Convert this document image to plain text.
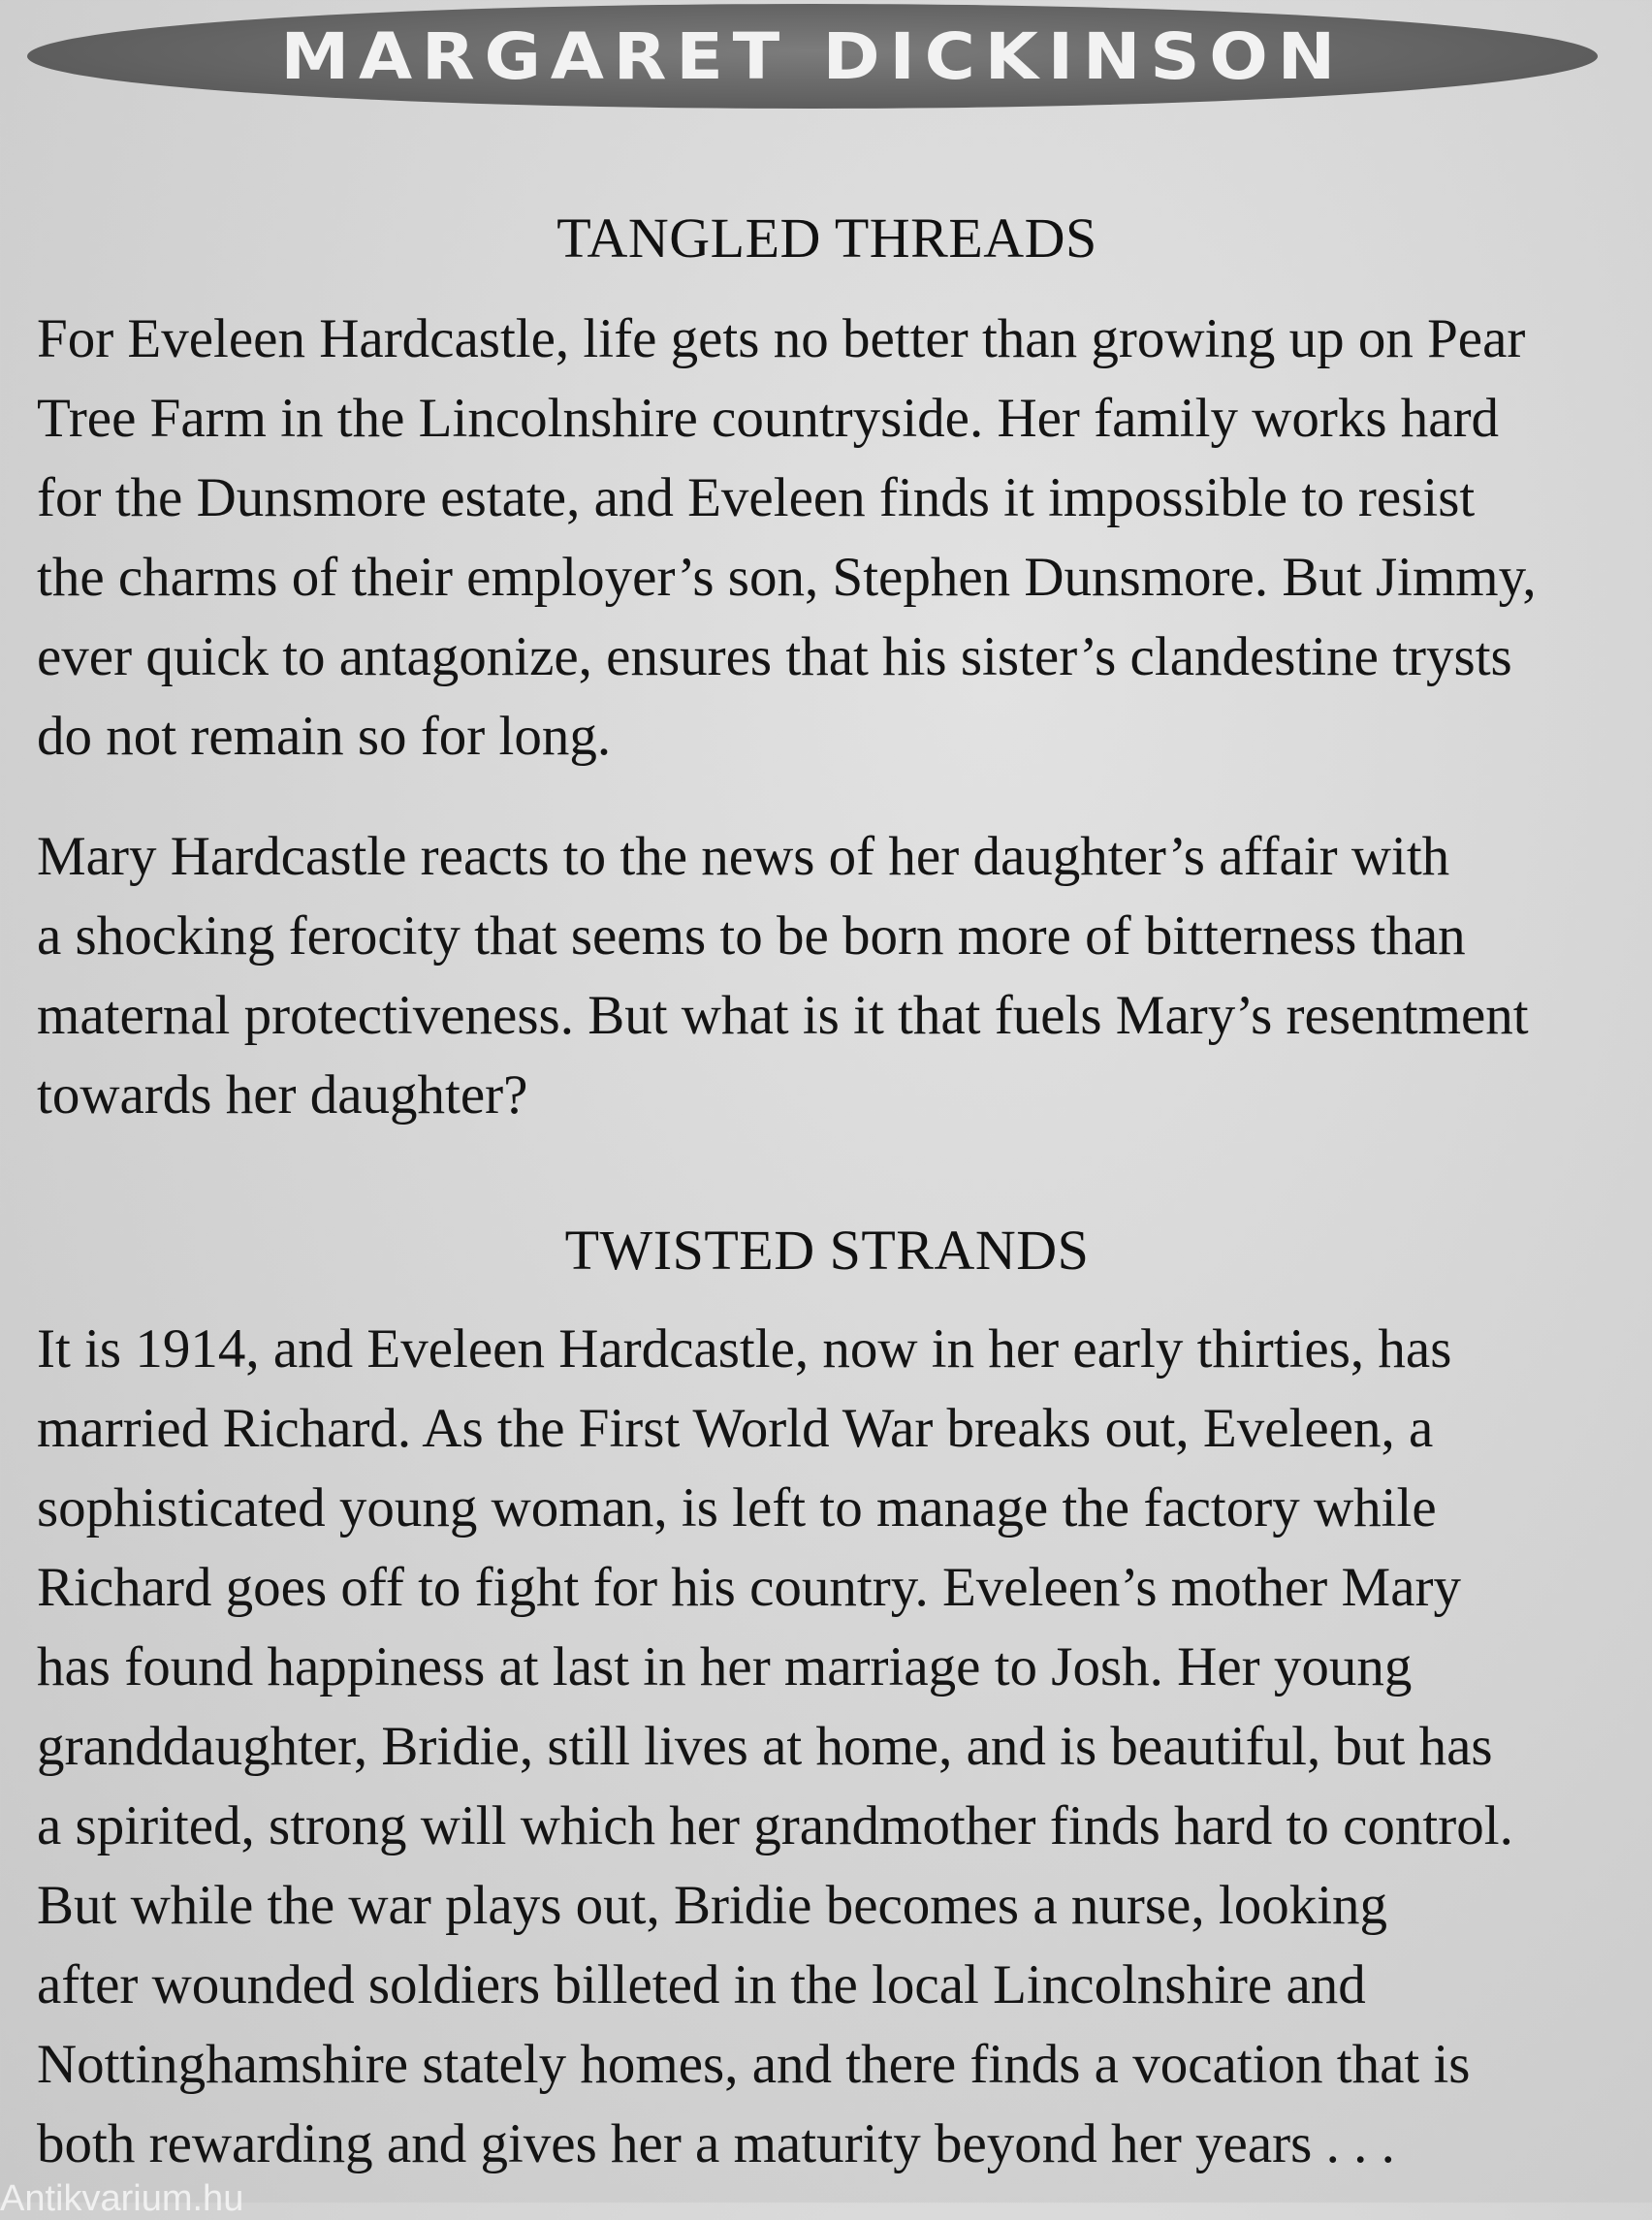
MARGARET DICKINSON
TANGLED THREADS

For Eveleen Hardcastle, life gets no better than growing up on Pear
Tree Farm in the Lincolnshire countryside. Her family works hard
for the Dunsmore estate, and Eveleen finds it impossible to resist
the charms of their employer’s son, Stephen Dunsmore. But Jimmy,
ever quick to antagonize, ensures that his sister’s clandestine trysts
do not remain so for long.

Mary Hardcastle reacts to the news of her daughter’s affair with
a shocking ferocity that seems to be born more of bitterness than
maternal protectiveness. But what is it that fuels Mary’s resentment
towards her daughter?

TWISTED STRANDS

It is 1914, and Eveleen Hardcastle, now in her early thirties, has
married Richard. As the First World War breaks out, Eveleen, a
sophisticated young woman, is left to manage the factory while
Richard goes off to fight for his country. Eveleen’s mother Mary
has found happiness at last in her marriage to Josh. Her young
granddaughter, Bridie, still lives at home, and is beautiful, but has
a spirited, strong will which her grandmother finds hard to control.
But while the war plays out, Bridie becomes a nurse, looking
after wounded soldiers billeted in the local Lincolnshire and
Nottinghamshire stately homes, and there finds a vocation that is
both rewarding and gives her a maturity beyond her years . . .

Antikvarium.hu
